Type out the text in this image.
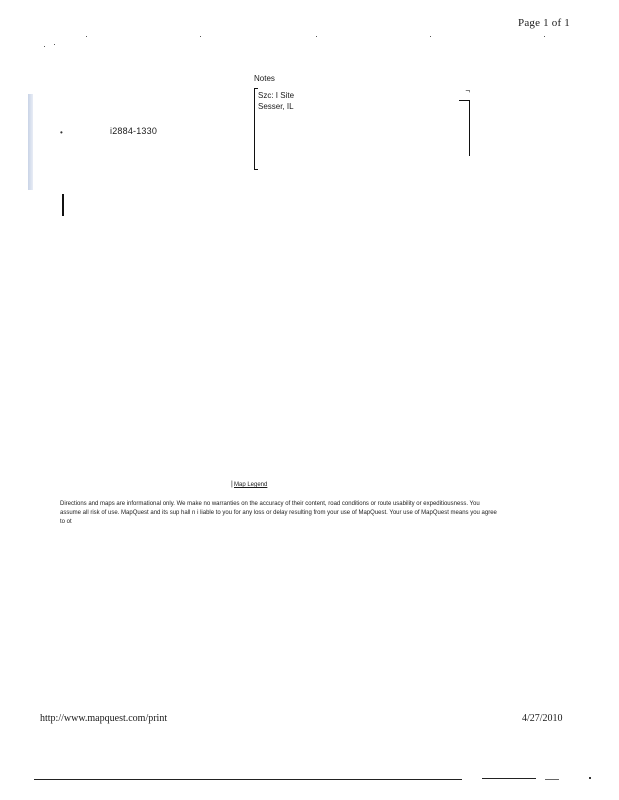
Page 1 of 1
•	i2884-1330
Notes
¬
Szc: I Site
Sesser, IL
| Map Legend
Directions and maps are informational only. We make no warranties on the accuracy of their content, road conditions or route usability or expeditiousness. You assume all risk of use. MapQuest and its sup hall n i liable to you for any loss or delay resulting from your use of MapQuest. Your use of MapQuest means you agree to ot
http://www.mapquest.com/print	4/27/2010
